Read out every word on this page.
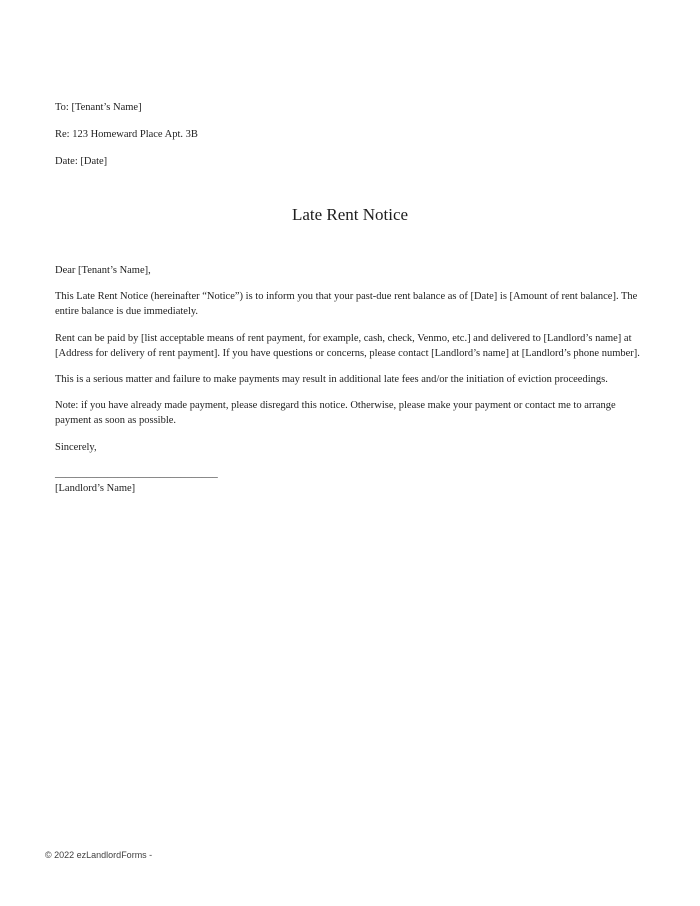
To: [Tenant’s Name]
Re: 123 Homeward Place Apt. 3B
Date: [Date]
Late Rent Notice

Dear [Tenant’s Name],

This Late Rent Notice (hereinafter “Notice”) is to inform you that your past-due rent balance as of [Date] is [Amount of rent balance]. The entire balance is due immediately.

Rent can be paid by [list acceptable means of rent payment, for example, cash, check, Venmo, etc.] and delivered to [Landlord’s name] at [Address for delivery of rent payment]. If you have questions or concerns, please contact [Landlord’s name] at [Landlord’s phone number].

This is a serious matter and failure to make payments may result in additional late fees and/or the initiation of eviction proceedings.

Note: if you have already made payment, please disregard this notice. Otherwise, please make your payment or contact me to arrange payment as soon as possible.

Sincerely,

_______________________________

[Landlord’s Name]

© 2022 ezLandlordForms -
